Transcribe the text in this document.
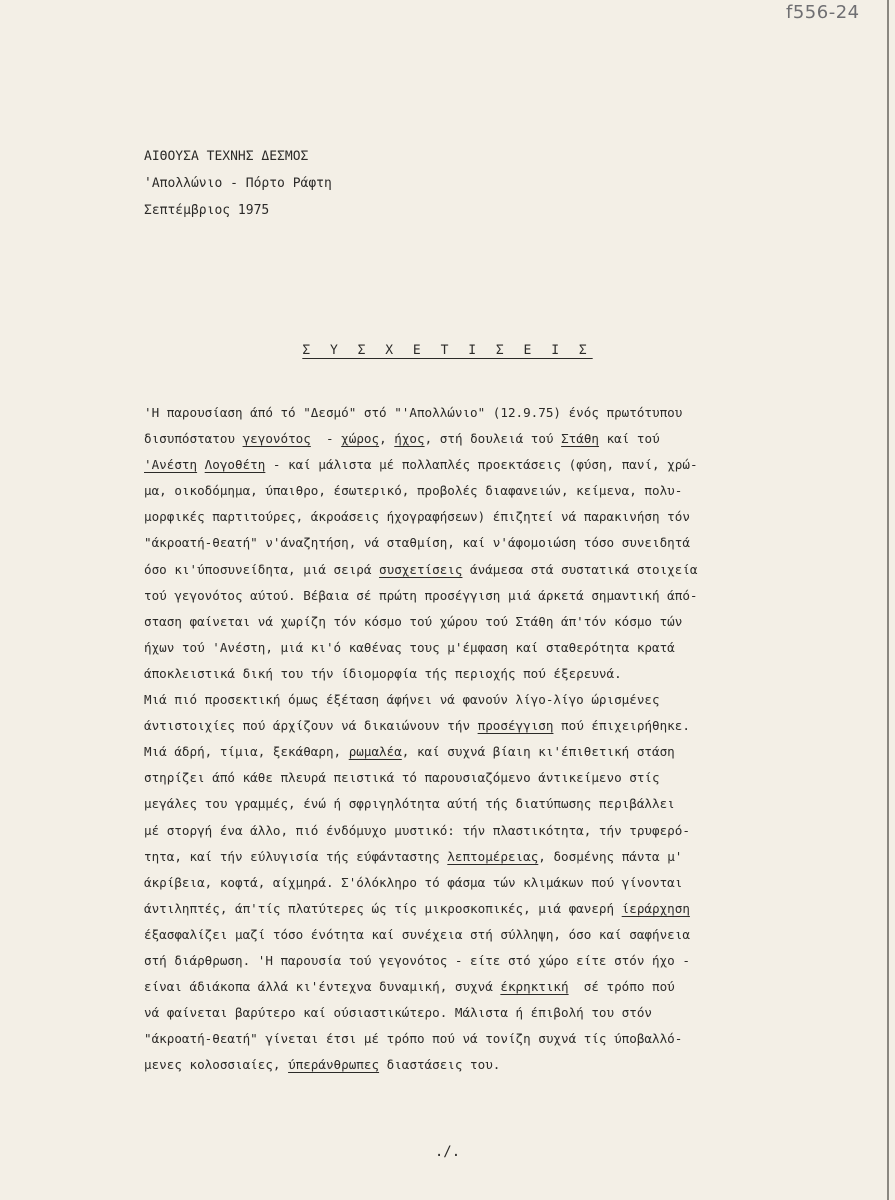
f556-24
ΑΙΘΟΥΣΑ ΤΕΧΝΗΣ ΔΕΣΜΟΣ
'Απολλώνιο - Πόρτο Ράφτη
Σεπτέμβριος 1975
Σ Υ Σ Χ Ε Τ Ι Σ Ε Ι Σ
'Η παρουσίαση άπό τό "Δεσμό" στό "'Απολλώνιο" (12.9.75) ένός πρωτότυπου
δισυπόστατου γεγονότος  - χώρος, ήχος, στή δουλειά τού Στάθη καί τού
'Ανέστη Λογοθέτη - καί μάλιστα μέ πολλαπλές προεκτάσεις (φύση, πανί, χρώ-
μα, οικοδόμημα, ύπαιθρο, έσωτερικό, προβολές διαφανειών, κείμενα, πολυ-
μορφικές παρτιτούρες, άκροάσεις ήχογραφήσεων) έπιζητεί νά παρακινήση τόν
"άκροατή-θεατή" ν'άναζητήση, νά σταθμίση, καί ν'άφομοιώση τόσο συνειδητά
όσο κι'ύποσυνείδητα, μιά σειρά συσχετίσεις άνάμεσα στά συστατικά στοιχεία
τού γεγονότος αύτού. Βέβαια σέ πρώτη προσέγγιση μιά άρκετά σημαντική άπό-
σταση φαίνεται νά χωρίζη τόν κόσμο τού χώρου τού Στάθη άπ'τόν κόσμο τών
ήχων τού 'Ανέστη, μιά κι'ό καθένας τους μ'έμφαση καί σταθερότητα κρατά
άποκλειστικά δική του τήν ίδιομορφία τής περιοχής πού έξερευνά.
Μιά πιό προσεκτική όμως έξέταση άφήνει νά φανούν λίγο-λίγο ώρισμένες
άντιστοιχίες πού άρχίζουν νά δικαιώνουν τήν προσέγγιση πού έπιχειρήθηκε.
Μιά άδρή, τίμια, ξεκάθαρη, ρωμαλέα, καί συχνά βίαιη κι'έπιθετική στάση
στηρίζει άπό κάθε πλευρά πειστικά τό παρουσιαζόμενο άντικείμενο στίς
μεγάλες του γραμμές, ένώ ή σφριγηλότητα αύτή τής διατύπωσης περιβάλλει
μέ στοργή ένα άλλο, πιό ένδόμυχο μυστικό: τήν πλαστικότητα, τήν τρυφερό-
τητα, καί τήν εύλυγισία τής εύφάνταστης λεπτομέρειας, δοσμένης πάντα μ'
άκρίβεια, κοφτά, αίχμηρά. Σ'όλόκληρο τό φάσμα τών κλιμάκων πού γίνονται
άντιληπτές, άπ'τίς πλατύτερες ώς τίς μικροσκοπικές, μιά φανερή ίεράρχηση
έξασφαλίζει μαζί τόσο ένότητα καί συνέχεια στή σύλληψη, όσο καί σαφήνεια
στή διάρθρωση. 'Η παρουσία τού γεγονότος - είτε στό χώρο είτε στόν ήχο -
είναι άδιάκοπα άλλά κι'έντεχνα δυναμική, συχνά έκρηκτική  σέ τρόπο πού
νά φαίνεται βαρύτερο καί ούσιαστικώτερο. Μάλιστα ή έπιβολή του στόν
"άκροατή-θεατή" γίνεται έτσι μέ τρόπο πού νά τονίζη συχνά τίς ύποβαλλό-
μενες κολοσσιαίες, ύπεράνθρωπες διαστάσεις του.
./.
